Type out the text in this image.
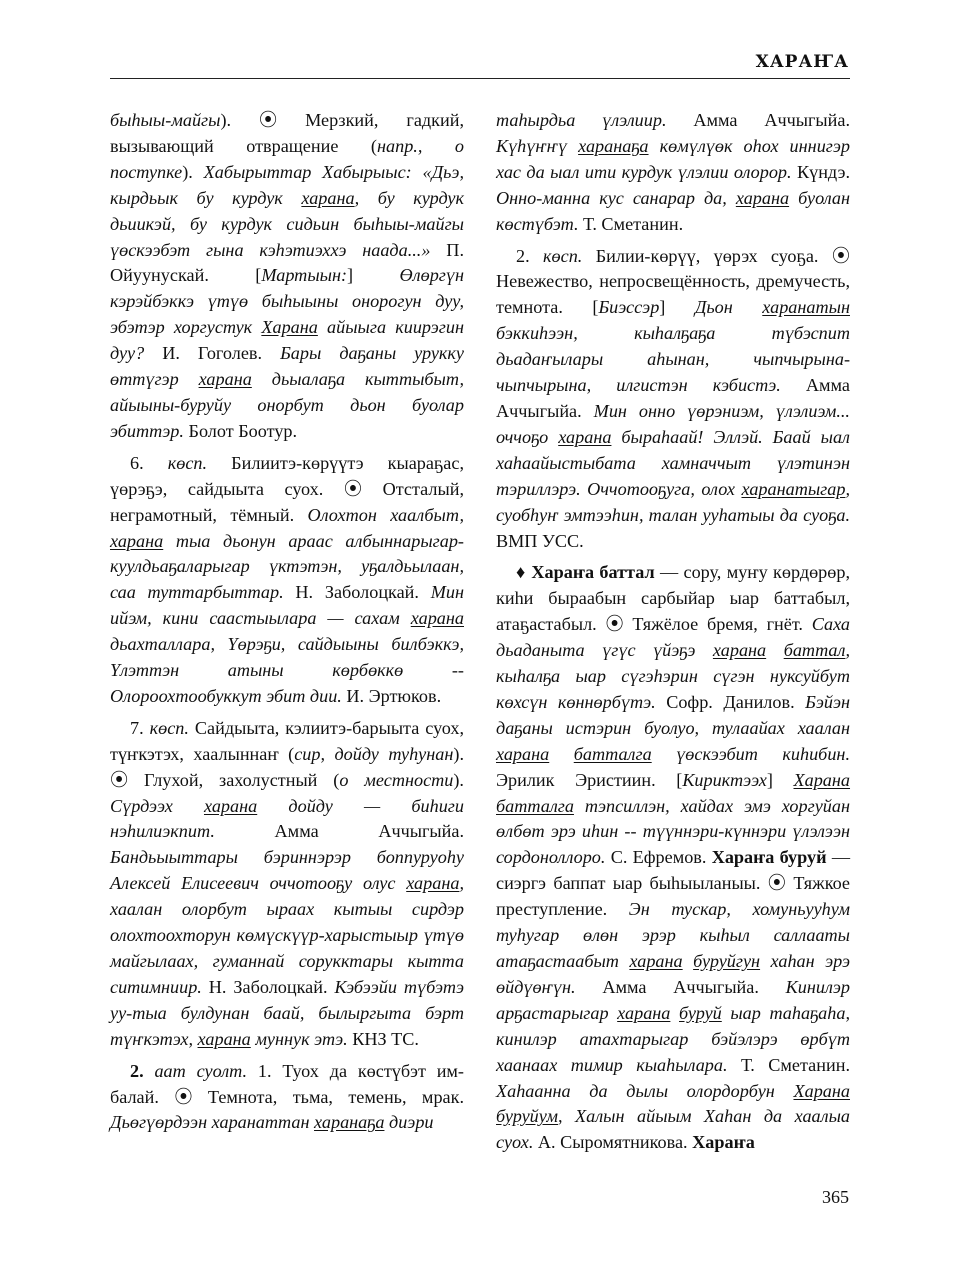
ХАРАҤА

быhыы-майгы). ⦿ Мерзкий, гадкий, вызывающий отвращение (напр., о поступке). Хабырыттар Хабырыыс: «Дьэ, кырдьык бу курдук харана, бу курдук дьиикэй, бу курдук сидьин быhыы-майгы үөскээбэт гына кэhэтиэххэ наада...» П. Ойуунускай. [Мартыын:] Өлөргүн кэрэйбэккэ үтүө быhыыны онорогун дуу, эбэтэр хоргустук Харана айыыга киирэгин дуу? И. Гоголев. Бары даҕаны урукку өттүгэр харана дьыалаҕа кыттыбыт, айыыны-буруйу онорбут дьон буолар эбиттэр. Болот Боотур.

6. көсп. Билиитэ-көрүүтэ кыараҕас, үөрэҕэ, сайдыыта суох. ⦿ Отсталый, неграмотный, тёмный. Олохтон хаалбыт, харана тыа дьонун араас албыннарыгар-куулдьаҕаларыгар үктэтэн, уҕалдьылаан, саа туттарбыттар. Н. Заболоцкай. Мин ийэм, кини саастыылара — сахам харана дьахталлара, Үөрэҕи, сайдыыны билбэккэ, Үлэттэн атыны көрбөккө -- Олороохтообуккут эбит дии. И. Эртюков.

7. көсп. Сайдыыта, кэлиитэ-барыыта суох, түҥкэтэх, хаалыннаҥ (сир, дойду туhунан). ⦿ Глухой, захолустный (о местности). Сүрдээх харана дойду — биhиги нэhилиэкпит. Амма Аччыгыйа. Бандьыыттары бэриннэрэр боппуруоhу Алексей Елисеевич оччотооҕу олус харана, хаалан олорбут ыраах кытыы сирдэр олохтоохторун көмүскүүр-харыстыыр үтүө майгылаах, гуманнай сорукктары кытта ситимниир. Н. Заболоцкай. Кэбээйи түбэтэ уу-тыа булдунан баай, былыргыта бэрт түҥкэтэх, харана муннук этэ. КНЗ ТС.

2. аат суолт. 1. Туох да көстүбэт им-балай. ⦿ Темнота, тьма, темень, мрак. Дьөгүөрдээн харанаттан харанаҕа диэри

таhырдьа үлэлиир. Амма Аччыгыйа. Күhүҥҥү харанаҕа көмүлүөк оhох иннигэр хас да ыал ити курдук үлэлии олорор. Күндэ. Онно-манна кус санарар да, харана буолан көстүбэт. Т. Сметанин.

2. көсп. Билии-көрүү, үөрэх суоҕа. ⦿ Невежество, непросвещённость, дремучесть, темнота. [Биэссэр] Дьон харанатын бэккиhээн, кыhалҕаҕа түбэспит дьадаҥылары аhынан, чыпчырына-чыпчырына, илгистэн кэбистэ. Амма Аччыгыйа. Мин онно үөрэниэм, үлэлиэм... оччоҕо харана быраhаай! Эллэй. Баай ыал хаhаайыстыбата хамначчыт үлэтинэн тэриллэрэ. Оччотооҕуга, олох харанатыгар, суобhуҥ эмтээhин, талан ууhатыы да суоҕа. ВМП УСС.

♦ Хараҥа баттал — сору, муҥу көрдөрөр, киhи быраабын сарбыйар ыар баттабыл, атаҕастабыл. ⦿ Тяжёлое бремя, гнёт. Саха дьаданыта үгүс үйэҕэ харана баттал, кыhалҕа ыар сүгэhэрин сүгэн нуксуйбут көхсүн көннөрбүтэ. Софр. Данилов. Бэйэн даҕаны истэрин буолуо, тулаайах хаалан харана батталга үөскээбит киhибин. Эрилик Эристиин. [Кириктээх] Харана батталга тэпсиллэн, хайдах эмэ хоргуйан өлбөт эрэ иhин -- түүннэри-күннэри үлэлээн сордоноллоро. С. Ефремов. Хараҥа буруй — сиэргэ баппат ыар быhыыланыы. ⦿ Тяжкое преступление. Эн тускар, хомуньууhум туhугар өлөн эрэр кыhыл саллааты атаҕастаабыт харана буруйгун хаhан эрэ өйдүөҥүн. Амма Аччыгыйа. Кинилэр арҕастарыгар харана буруй ыар таhаҕаhа, кинилэр атахтарыгар бэйэлэрэ өрбүт хаанаах тимир кыаhылара. Т. Сметанин. Хаhаанна да дылы олордорбун Харана буруйум, Халын айыым Хаhан да хаалыа суох. А. Сыромятникова. Хараҥа

365
